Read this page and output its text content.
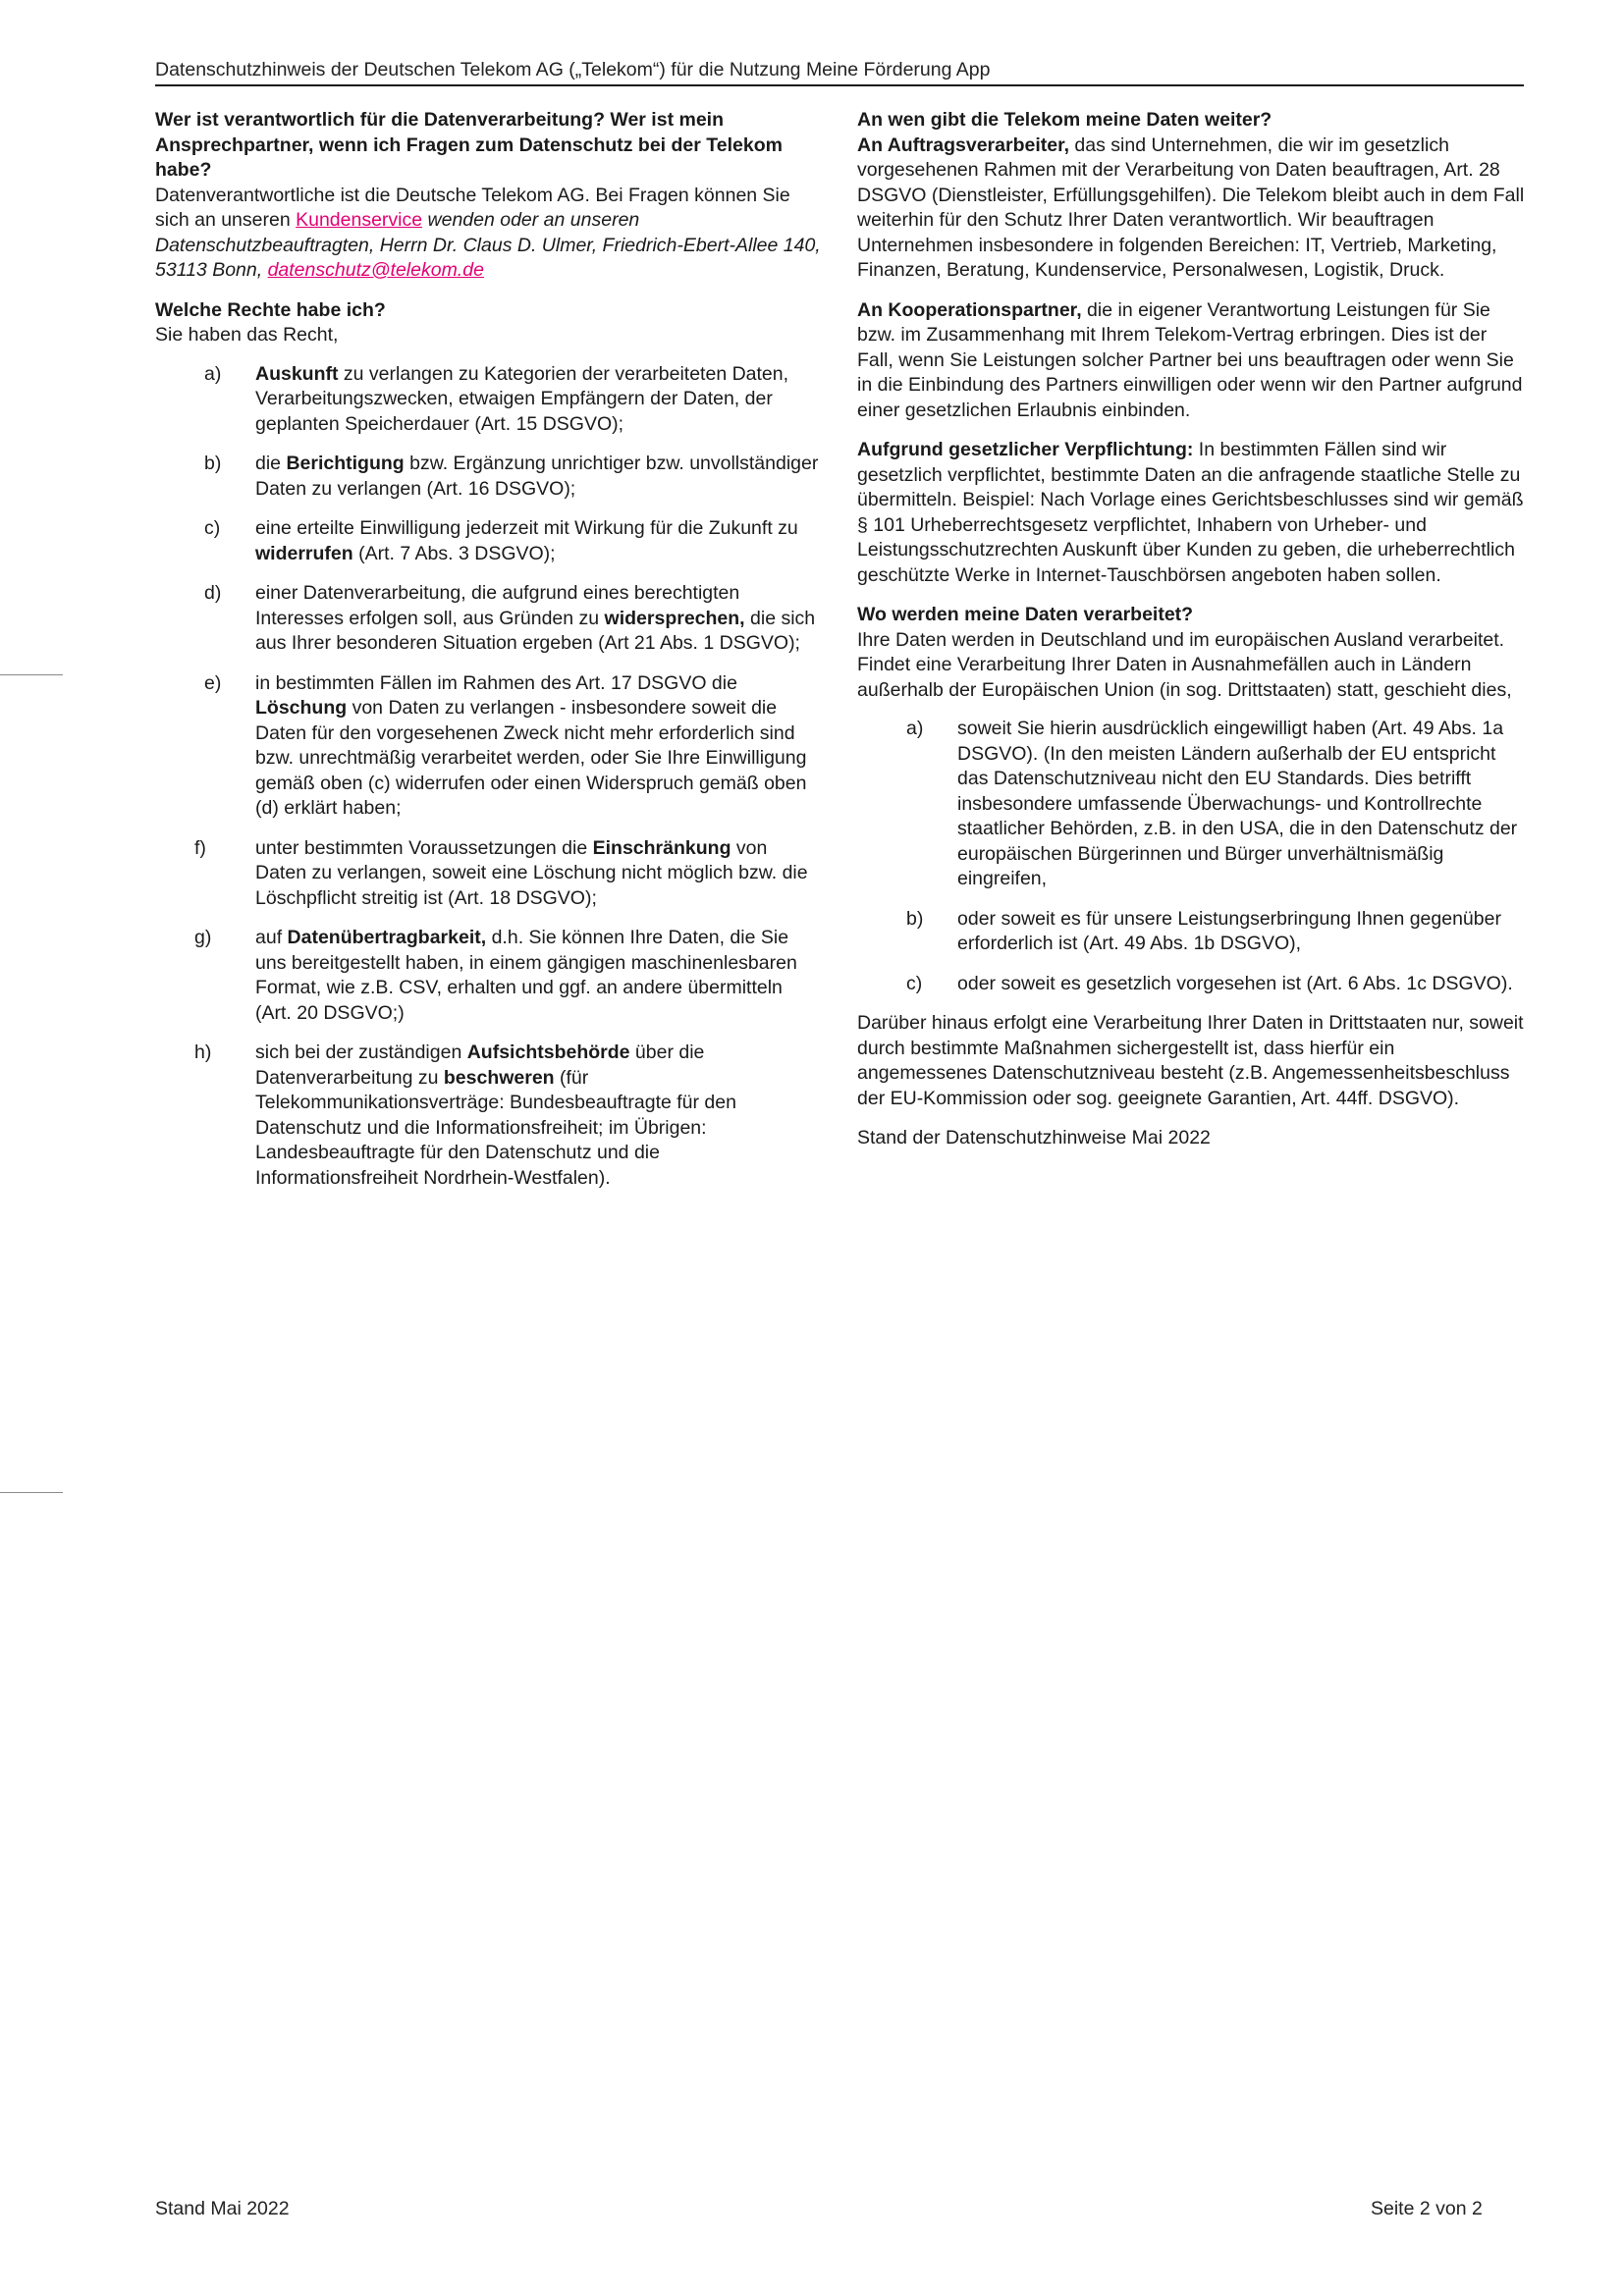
Datenschutzhinweis der Deutschen Telekom AG („Telekom“) für die Nutzung Meine Förderung App

Wer ist verantwortlich für die Datenverarbeitung? Wer ist mein Ansprechpartner, wenn ich Fragen zum Datenschutz bei der Telekom habe?

Datenverantwortliche ist die Deutsche Telekom AG. Bei Fragen können Sie sich an unseren Kundenservice wenden oder an unseren Datenschutzbeauftragten, Herrn Dr. Claus D. Ulmer, Friedrich-Ebert-Allee 140, 53113 Bonn, datenschutz@telekom.de

Welche Rechte habe ich?

Sie haben das Recht,

a) Auskunft zu verlangen zu Kategorien der verarbeiteten Daten, Verarbeitungszwecken, etwaigen Empfängern der Daten, der geplanten Speicherdauer (Art. 15 DSGVO);
b) die Berichtigung bzw. Ergänzung unrichtiger bzw. unvollständiger Daten zu verlangen (Art. 16 DSGVO);
c) eine erteilte Einwilligung jederzeit mit Wirkung für die Zukunft zu widerrufen (Art. 7 Abs. 3 DSGVO);
d) einer Datenverarbeitung, die aufgrund eines berechtigten Interesses erfolgen soll, aus Gründen zu widersprechen, die sich aus Ihrer besonderen Situation ergeben (Art 21 Abs. 1 DSGVO);
e) in bestimmten Fällen im Rahmen des Art. 17 DSGVO die Löschung von Daten zu verlangen - insbesondere soweit die Daten für den vorgesehenen Zweck nicht mehr erforderlich sind bzw. unrechtmäßig verarbeitet werden, oder Sie Ihre Einwilligung gemäß oben (c) widerrufen oder einen Widerspruch gemäß oben (d) erklärt haben;
f)	unter bestimmten Voraussetzungen die Einschränkung von Daten zu verlangen, soweit eine Löschung nicht möglich bzw. die Löschpflicht streitig ist (Art. 18 DSGVO);
g) auf Datenübertragbarkeit, d.h. Sie können Ihre Daten, die Sie uns bereitgestellt haben, in einem gängigen maschinenlesbaren Format, wie z.B. CSV, erhalten und ggf. an andere übermitteln (Art. 20 DSGVO;)
h) sich bei der zuständigen Aufsichtsbehörde über die Datenverarbeitung zu beschweren (für Telekommunikationsverträge: Bundesbeauftragte für den Datenschutz und die Informationsfreiheit; im Übrigen: Landesbeauftragte für den Datenschutz und die Informationsfreiheit Nordrhein-Westfalen).

An wen gibt die Telekom meine Daten weiter?

An Auftragsverarbeiter, das sind Unternehmen, die wir im gesetzlich vorgesehenen Rahmen mit der Verarbeitung von Daten beauftragen, Art. 28 DSGVO (Dienstleister, Erfüllungsgehilfen). Die Telekom bleibt auch in dem Fall weiterhin für den Schutz Ihrer Daten verantwortlich. Wir beauftragen Unternehmen insbesondere in folgenden Bereichen: IT, Vertrieb, Marketing, Finanzen, Beratung, Kundenservice, Personalwesen, Logistik, Druck.

An Kooperationspartner, die in eigener Verantwortung Leistungen für Sie bzw. im Zusammenhang mit Ihrem Telekom-Vertrag erbringen. Dies ist der Fall, wenn Sie Leistungen solcher Partner bei uns beauftragen oder wenn Sie in die Einbindung des Partners einwilligen oder wenn wir den Partner aufgrund einer gesetzlichen Erlaubnis einbinden.

Aufgrund gesetzlicher Verpflichtung: In bestimmten Fällen sind wir gesetzlich verpflichtet, bestimmte Daten an die anfragende staatliche Stelle zu übermitteln. Beispiel: Nach Vorlage eines Gerichtsbeschlusses sind wir gemäß § 101 Urheberrechtsgesetz verpflichtet, Inhabern von Urheber- und Leistungsschutzrechten Auskunft über Kunden zu geben, die urheberrechtlich geschützte Werke in Internet-Tauschbörsen angeboten haben sollen.

Wo werden meine Daten verarbeitet?

Ihre Daten werden in Deutschland und im europäischen Ausland verarbeitet. Findet eine Verarbeitung Ihrer Daten in Ausnahmefällen auch in Ländern außerhalb der Europäischen Union (in sog. Drittstaaten) statt, geschieht dies,

a) soweit Sie hierin ausdrücklich eingewilligt haben (Art. 49 Abs. 1a DSGVO). (In den meisten Ländern außerhalb der EU entspricht das Datenschutzniveau nicht den EU Standards. Dies betrifft insbesondere umfassende Überwachungs- und Kontrollrechte staatlicher Behörden, z.B. in den USA, die in den Datenschutz der europäischen Bürgerinnen und Bürger unverhältnismäßig eingreifen,
b) oder soweit es für unsere Leistungserbringung Ihnen gegenüber erforderlich ist (Art. 49 Abs. 1b DSGVO),
c) oder soweit es gesetzlich vorgesehen ist (Art. 6 Abs. 1c DSGVO).

Darüber hinaus erfolgt eine Verarbeitung Ihrer Daten in Drittstaaten nur, soweit durch bestimmte Maßnahmen sichergestellt ist, dass hierfür ein angemessenes Datenschutzniveau besteht (z.B. Angemessenheitsbeschluss der EU-Kommission oder sog. geeignete Garantien, Art. 44ff. DSGVO).

Stand der Datenschutzhinweise Mai 2022

Stand Mai 2022	Seite 2 von 2
